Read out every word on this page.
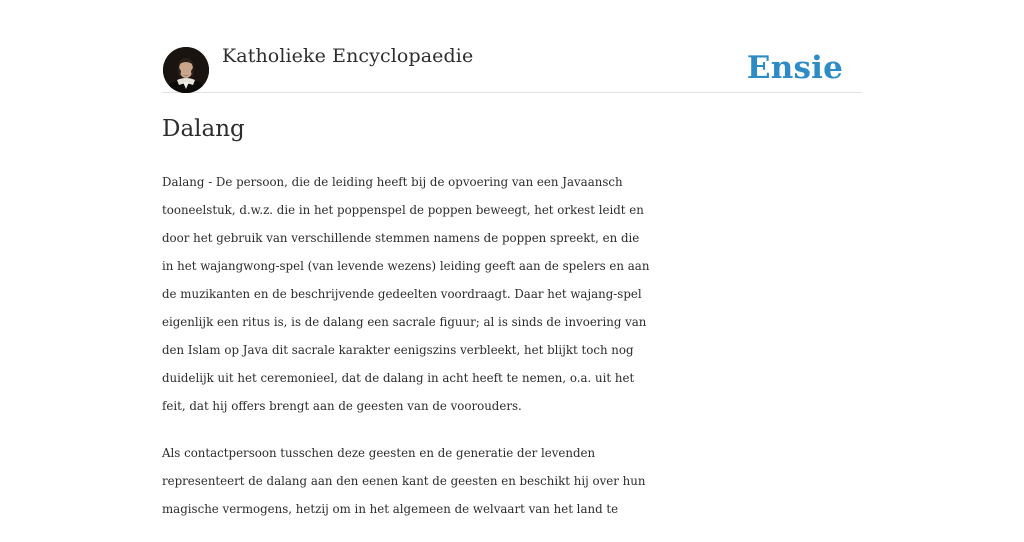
Katholieke Encyclopaedie	Ensie
Dalang

Dalang - De persoon, die de leiding heeft bij de opvoering van een Javaansch
tooneelstuk, d.w.z. die in het poppenspel de poppen beweegt, het orkest leidt en
door het gebruik van verschillende stemmen namens de poppen spreekt, en die
in het wajangwong-spel (van levende wezens) leiding geeft aan de spelers en aan
de muzikanten en de beschrijvende gedeelten voordraagt. Daar het wajang-spel
eigenlijk een ritus is, is de dalang een sacrale figuur; al is sinds de invoering van
den Islam op Java dit sacrale karakter eenigszins verbleekt, het blijkt toch nog
duidelijk uit het ceremonieel, dat de dalang in acht heeft te nemen, o.a. uit het
feit, dat hij offers brengt aan de geesten van de voorouders.

Als contactpersoon tusschen deze geesten en de generatie der levenden
representeert de dalang aan den eenen kant de geesten en beschikt hij over hun
magische vermogens, hetzij om in het algemeen de welvaart van het land te
